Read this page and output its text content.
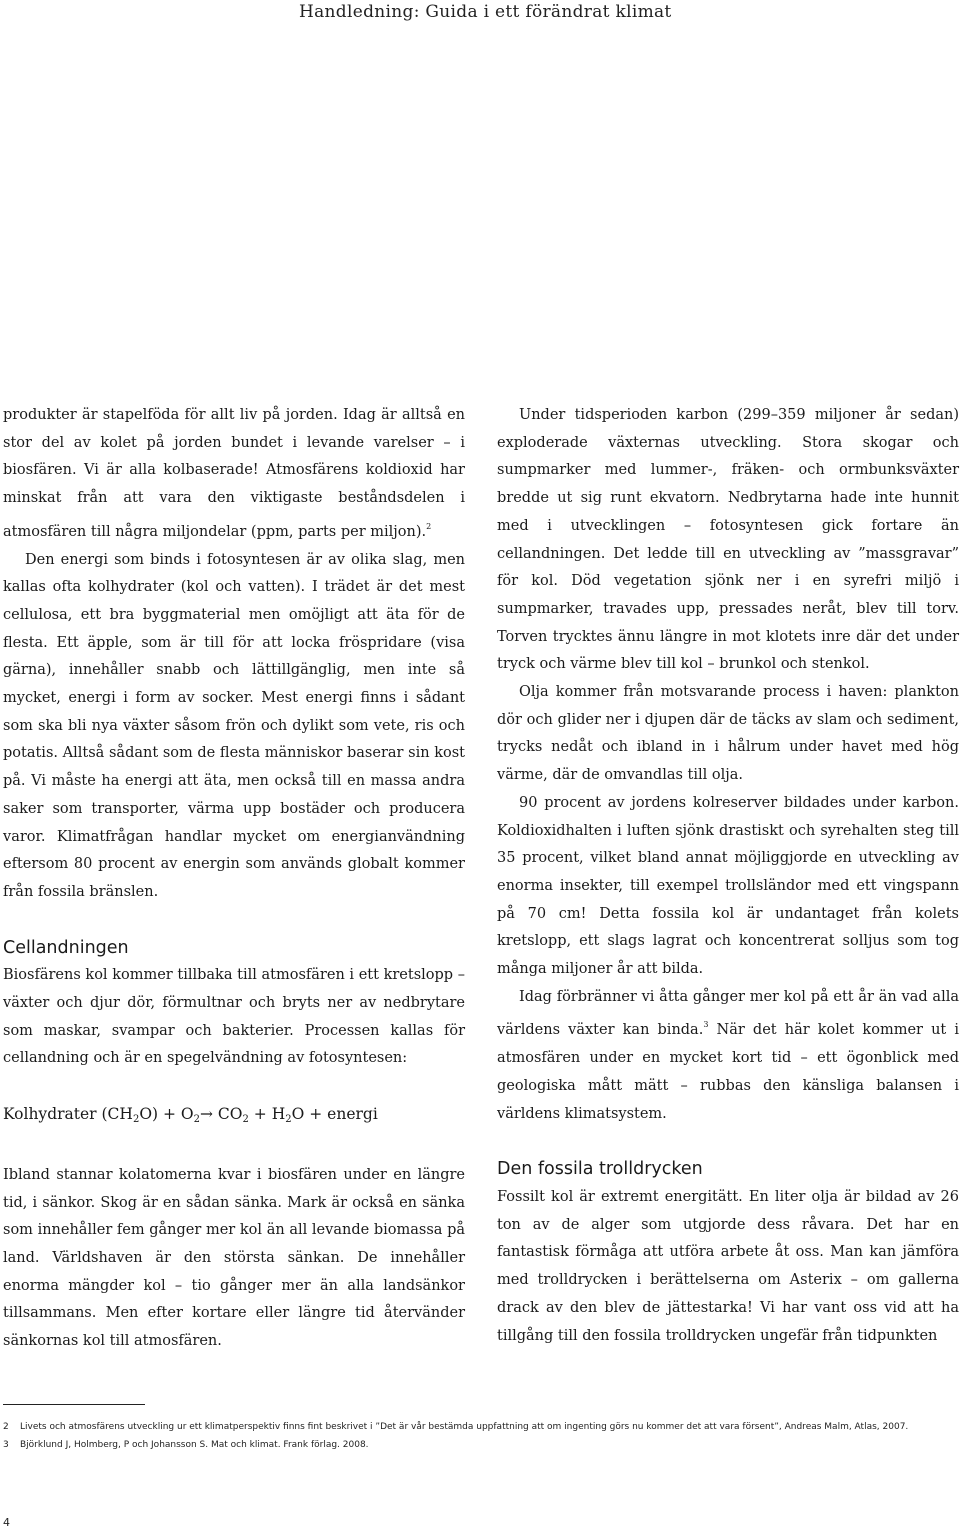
Handledning: Guida i ett förändrat klimat

produkter är stapelföda för allt liv på jorden. Idag är alltså en stor del av kolet på jorden bundet i levande varelser – i biosfären. Vi är alla kolbaserade! Atmosfärens koldioxid har minskat från att vara den viktigaste beståndsdelen i atmosfären till några miljondelar (ppm, parts per miljon).$^2$

Den energi som binds i fotosyntesen är av olika slag, men kallas ofta kolhydrater (kol och vatten). I trädet är det mest cellulosa, ett bra byggmaterial men omöjligt att äta för de flesta. Ett äpple, som är till för att locka fröspridare (visa gärna), innehåller snabb och lättillgänglig, men inte så mycket, energi i form av socker. Mest energi finns i sådant som ska bli nya växter såsom frön och dylikt som vete, ris och potatis. Alltså sådant som de flesta människor baserar sin kost på. Vi måste ha energi att äta, men också till en massa andra saker som transporter, värma upp bostäder och producera varor. Klimatfrågan handlar mycket om energianvändning eftersom 80 procent av energin som används globalt kommer från fossila bränslen.

Cellandningen

Biosfärens kol kommer tillbaka till atmosfären i ett kretslopp – växter och djur dör, förmultnar och bryts ner av nedbrytare som maskar, svampar och bakterier. Processen kallas för cellandning och är en spegelvändning av fotosyntesen:

Kolhydrater $(CH_2O) + O_2\to CO_2 + H_2O$ + energi

Ibland stannar kolatomerna kvar i biosfären under en längre tid, i sänkor. Skog är en sådan sänka. Mark är också en sänka som innehåller fem gånger mer kol än all levande biomassa på land. Världshaven är den största sänkan. De innehåller enorma mängder kol – tio gånger mer än alla landsänkor tillsammans. Men efter kortare eller längre tid återvänder sänkornas kol till atmosfären.

Under tidsperioden karbon (299–359 miljoner år sedan) exploderade växternas utveckling. Stora skogar och sumpmarker med lummer-, fräken- och ormbunksväxter bredde ut sig runt ekvatorn. Nedbrytarna hade inte hunnit med i utvecklingen – fotosyntesen gick fortare än cellandningen. Det ledde till en utveckling av ”massgravar” för kol. Död vegetation sjönk ner i en syrefri miljö i sumpmarker, travades upp, pressades neråt, blev till torv. Torven trycktes ännu längre in mot klotets inre där det under tryck och värme blev till kol – brunkol och stenkol.

Olja kommer från motsvarande process i haven: plankton dör och glider ner i djupen där de täcks av slam och sediment, trycks nedåt och ibland in i hålrum under havet med hög värme, där de omvandlas till olja.

90 procent av jordens kolreserver bildades under karbon. Koldioxidhalten i luften sjönk drastiskt och syrehalten steg till 35 procent, vilket bland annat möjliggjorde en utveckling av enorma insekter, till exempel trollsländor med ett vingspann på 70 cm! Detta fossila kol är undantaget från kolets kretslopp, ett slags lagrat och koncentrerat solljus som tog många miljoner år att bilda.

Idag förbränner vi åtta gånger mer kol på ett år än vad alla världens växter kan binda.$^3$ När det här kolet kommer ut i atmosfären under en mycket kort tid – ett ögonblick med geologiska mått mätt – rubbas den känsliga balansen i världens klimatsystem.

Den fossila trolldrycken

Fossilt kol är extremt energitätt. En liter olja är bildad av 26 ton av de alger som utgjorde dess råvara. Det har en fantastisk förmåga att utföra arbete åt oss. Man kan jämföra med trolldrycken i berättelserna om Asterix – om gallerna drack av den blev de jättestarka! Vi har vant oss vid att ha tillgång till den fossila trolldrycken ungefär från tidpunkten

2 Livets och atmosfärens utveckling ur ett klimatperspektiv finns fint beskrivet i ”Det är vår bestämda uppfattning att om ingenting görs nu kommer det att vara försent”, Andreas Malm, Atlas, 2007.
3 Björklund J, Holmberg, P och Johansson S. Mat och klimat. Frank förlag. 2008.
4
